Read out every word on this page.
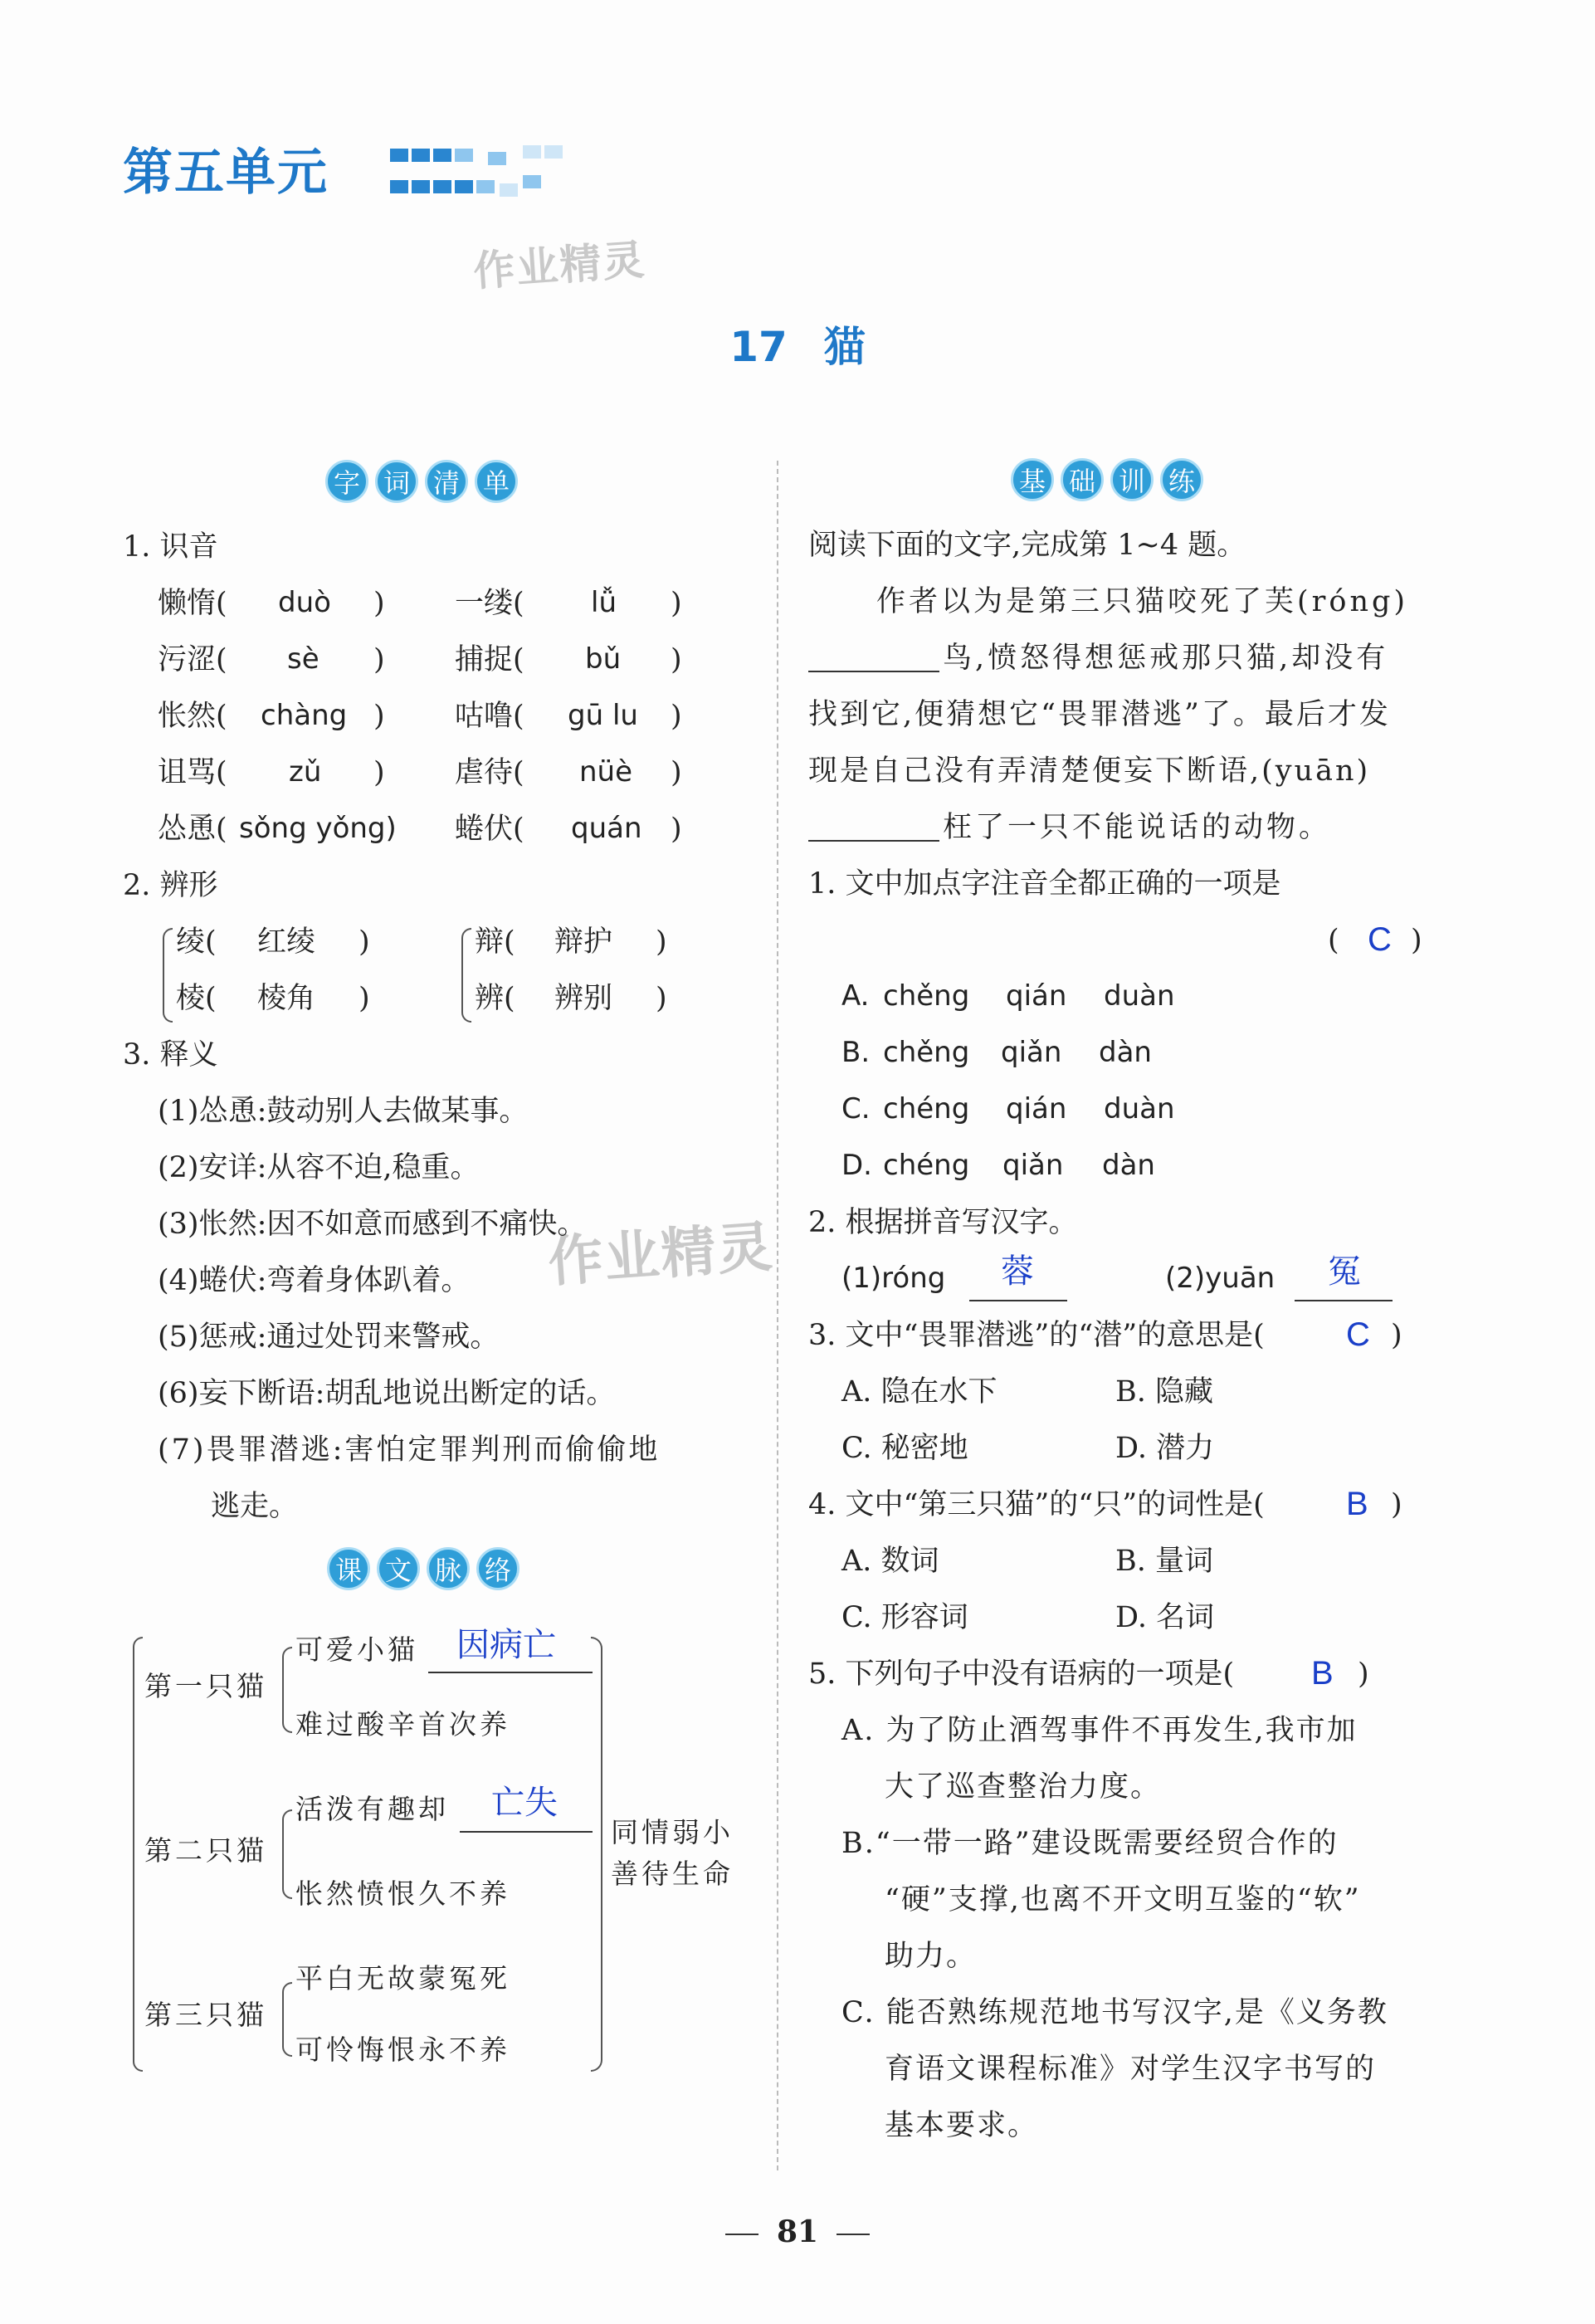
第五单元
作业精灵
作业精灵
17 猫
字 词 清 单
1. 识音
懒惰( duò ) 一缕( lǚ )
污涩( sè ) 捕捉( bǔ )
怅然( chàng ) 咕噜( gū lu )
诅骂( zǔ ) 虐待( nüè )
怂恿( sǒng yǒng) 蜷伏( quán )
2. 辨形
绫( 红绫 )
棱( 棱角 )
辩( 辩护 )
辨( 辨别 )
3. 释义
(1)怂恿:鼓动别人去做某事。
(2)安详:从容不迫,稳重。
(3)怅然:因不如意而感到不痛快。
(4)蜷伏:弯着身体趴着。
(5)惩戒:通过处罚来警戒。
(6)妄下断语:胡乱地说出断定的话。
(7)畏罪潜逃:害怕定罪判刑而偷偷地
逃走。
课 文 脉 络
第一只猫
可爱小猫 因病亡
难过酸辛首次养
第二只猫
活泼有趣却 亡失
怅然愤恨久不养
第三只猫
平白无故蒙冤死
可怜悔恨永不养
同情弱小
善待生命
基 础 训 练
阅读下面的文字,完成第 1~4 题。
作者以为是第三只猫咬死了芙(róng)
鸟,愤怒得想惩戒那只猫,却没有
找到它,便猜想它“畏罪潜逃”了。最后才发
现是自己没有弄清楚便妄下断语,(yuān)
枉了一只不能说话的动物。
1. 文中加点字注音全都正确的一项是
( C )
A. chěng qián duàn
B. chěng qiǎn dàn
C. chéng qián duàn
D. chéng qiǎn dàn
2. 根据拼音写汉字。
(1)róng 蓉	(2)yuān 冤
3. 文中“畏罪潜逃”的“潜”的意思是( C )
A. 隐在水下	B. 隐藏
C. 秘密地	D. 潜力
4. 文中“第三只猫”的“只”的词性是( B )
A. 数词	B. 量词
C. 形容词	D. 名词
5. 下列句子中没有语病的一项是( B )
A. 为了防止酒驾事件不再发生,我市加
大了巡查整治力度。
B.“一带一路”建设既需要经贸合作的
“硬”支撑,也离不开文明互鉴的“软”
助力。
C. 能否熟练规范地书写汉字,是《义务教
育语文课程标准》对学生汉字书写的
基本要求。
81
